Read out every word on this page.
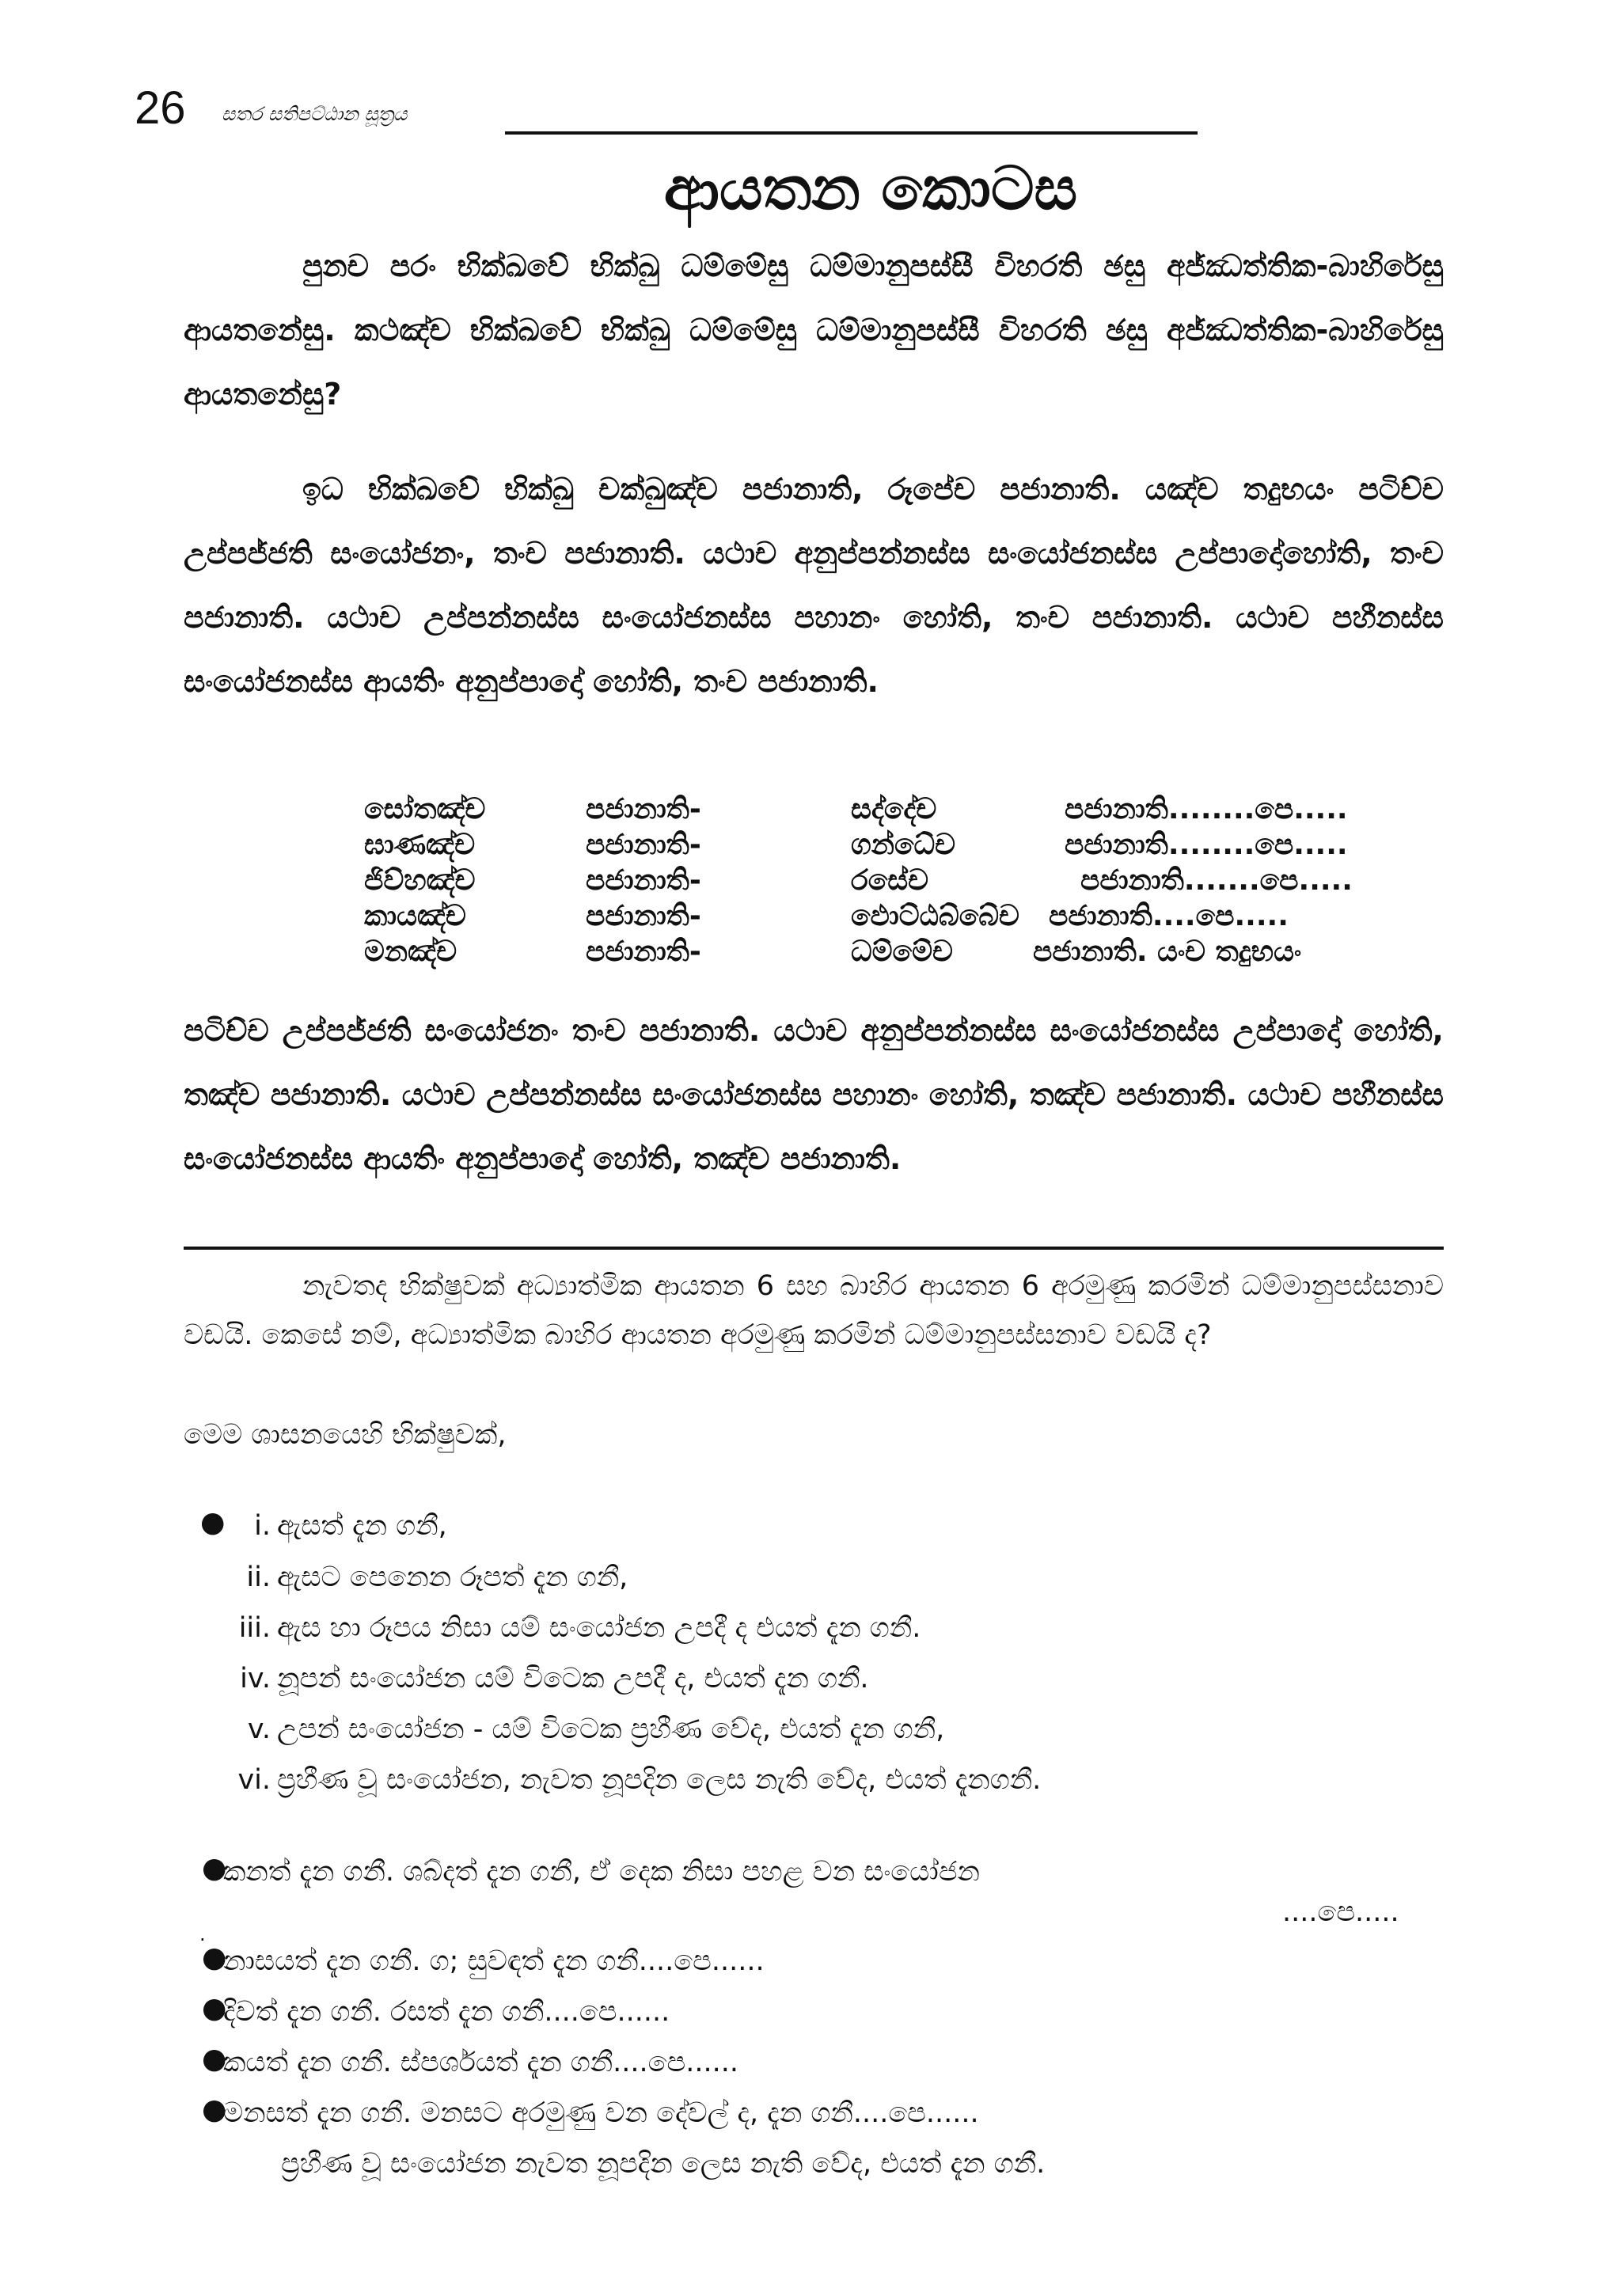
26 සතර සතිපට්ඨාන සූත්‍රය
ආයතන කොටස

පුනච පරං භික්ඛවේ භික්ඛු ධම්මේසු ධම්මානුපස්සී විහරති ඡසු අජ්ඣත්තික-බාහිරේසු ආයතනේසු. කථඤ්ච භික්ඛවේ භික්ඛු ධම්මේසු ධම්මානුපස්සී විහරති ඡසු අජ්ඣත්තික-බාහිරේසු ආයතනේසු?

ඉධ භික්ඛවේ භික්ඛු චක්ඛුඤ්ච පජානාති, රූපේච පජානාති. යඤ්ච තදුභයං පටිච්ච උප්පජ්ජති සංයෝජනං, තංච පජානාති. යථාච අනුප්පන්නස්ස සංයෝජනස්ස උප්පාදෝහෝති, තංච පජානාති. යථාච උප්පන්නස්ස සංයෝජනස්ස පහානං හෝති, තංච පජානාති. යථාච පහීනස්ස සංයෝජනස්ස ආයතිං අනුප්පාදෝ හෝති, තංච පජානාති.

සෝතඤ්ච	පජානාති-	සද්දේච	පජානාති........පෙ.....
ඝාණඤ්ච	පජානාති-	ගන්ධේච	පජානාති........පෙ.....
ජිව්හඤ්ච	පජානාති-	රසේච	පජානාති.......පෙ.....
කායඤ්ච	පජානාති-	ඵොට්ඨබ්බේච	පජානාති....පෙ.....
මනඤ්ච	පජානාති-	ධම්මේච	පජානාති. යංච තදුභයං

පටිච්ච උප්පජ්ජති සංයෝජනං තංච පජානාති. යථාච අනුප්පන්නස්ස සංයෝජනස්ස උප්පාදෝ හෝති, තඤ්ච පජානාති. යථාච උප්පන්නස්ස සංයෝජනස්ස පහානං හෝති, තඤ්ච පජානාති. යථාච පහීනස්ස සංයෝජනස්ස ආයතිං අනුප්පාදෝ හෝති, තඤ්ච පජානාති.

නැවතද භික්ෂුවක් අධ්‍යාත්මික ආයතන 6 සහ බාහිර ආයතන 6 අරමුණු කරමින් ධම්මානුපස්සනාව වඩයි. කෙසේ නම්, අධ්‍යාත්මික බාහිර ආයතන අරමුණු කරමින් ධම්මානුපස්සනාව වඩයි ද?

මෙම ශාසනයෙහි භික්ෂුවක්,

●	i. ඇසත් දැන ගනී,
ii. ඇසට පෙනෙන රූපත් දැන ගනී,
iii. ඇස හා රූපය නිසා යම් සංයෝජන උපදී ද එයත් දැන ගනී.
iv. නූපන් සංයෝජන යම් විටෙක උපදී ද, එයත් දැන ගනී.
v. උපන් සංයෝජන - යම් විටෙක ප්‍රහීණ වේද, එයත් දැන ගනී,
vi. ප්‍රහීණ වූ සංයෝජන, නැවත නූපදින ලෙස නැති වේද, එයත් දැනගනී.
●
කනත් දැන ගනී. ශබ්දත් දැන ගනී, ඒ දෙක නිසා පහළ වන සංයෝජන
....පෙ.....
.
●
නාසයත් දැන ගනී. ග; සුවඳත් දැන ගනී....පෙ......
●
දිවත් දැන ගනී. රසත් දැන ගනී....පෙ......
●
කයත් දැන ගනී. ස්පර්ශයත් දැන ගනී....පෙ......
●
මනසත් දැන ගනී. මනසට අරමුණු වන දේවල් ද, දැන ගනී....පෙ......
ප්‍රහීණ වූ සංයෝජන නැවත නූපදින ලෙස නැති වේද, එයත් දැන ගනී.
